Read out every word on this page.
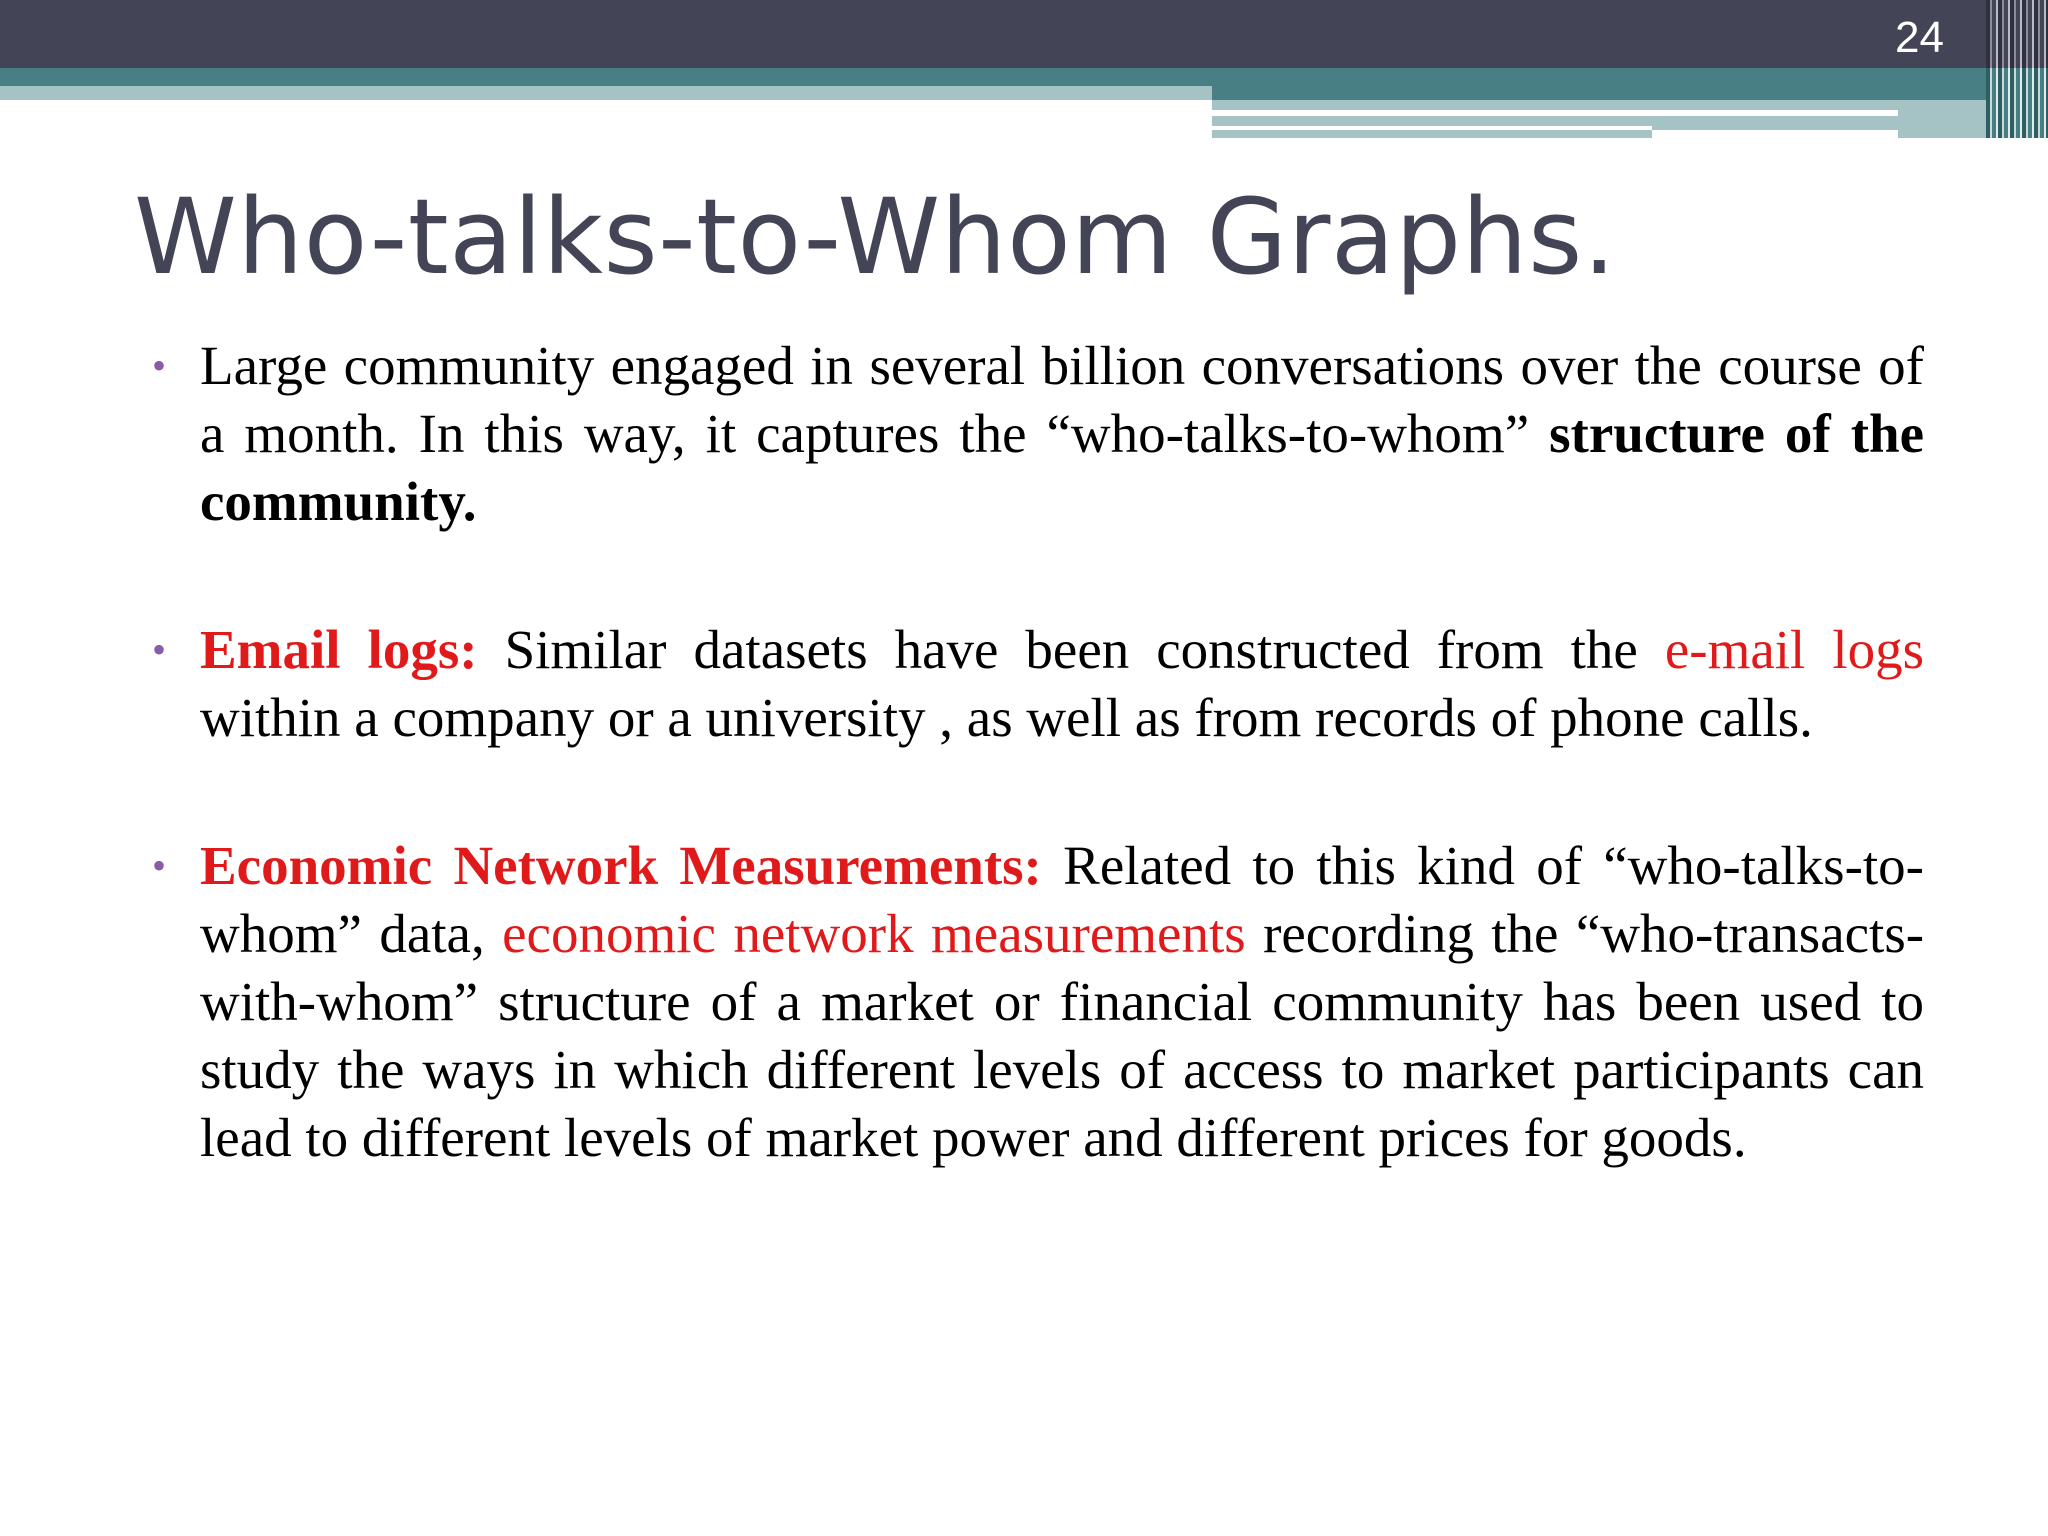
24
Who-talks-to-Whom Graphs.
• Large community engaged in several billion conversations over the course of a month. In this way, it captures the “who-talks-to-whom” structure of the community.
• Email logs: Similar datasets have been constructed from the e-mail logs within a company or a university , as well as from records of phone calls.
• Economic Network Measurements: Related to this kind of “who-talks-to-whom” data, economic network measurements recording the “who-transacts-with-whom” structure of a market or financial community has been used to study the ways in which different levels of access to market participants can lead to different levels of market power and different prices for goods.
